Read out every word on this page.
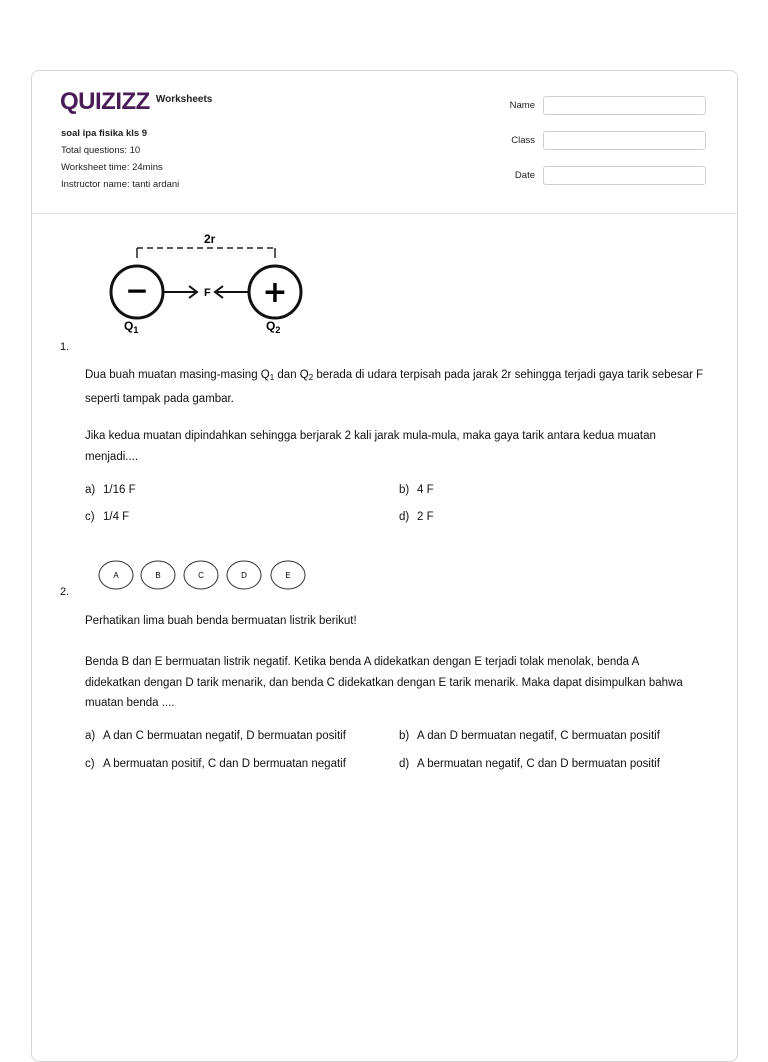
QUIZIZZ Worksheets
soal ipa fisika kls 9
Total questions: 10
Worksheet time: 24mins
Instructor name: tanti ardani
Name
Class
Date
2r
−	+
F
$Q_1$	$Q_2$
1.
Dua buah muatan masing-masing $Q_1$ dan $Q_2$ berada di udara terpisah pada jarak 2r sehingga terjadi gaya tarik sebesar F seperti tampak pada gambar.
Jika kedua muatan dipindahkan sehingga berjarak 2 kali jarak mula-mula, maka gaya tarik antara kedua muatan menjadi....
a) 1/16 F	b) 4 F
c) 1/4 F	d) 2 F
A	B	C	D	E
2.
Perhatikan lima buah benda bermuatan listrik berikut!
Benda B dan E bermuatan listrik negatif. Ketika benda A didekatkan dengan E terjadi tolak menolak, benda A didekatkan dengan D tarik menarik, dan benda C didekatkan dengan E tarik menarik. Maka dapat disimpulkan bahwa muatan benda ....
a) A dan C bermuatan negatif, D bermuatan positif	b) A dan D bermuatan negatif, C bermuatan positif
c) A bermuatan positif, C dan D bermuatan negatif	d) A bermuatan negatif, C dan D bermuatan positif
